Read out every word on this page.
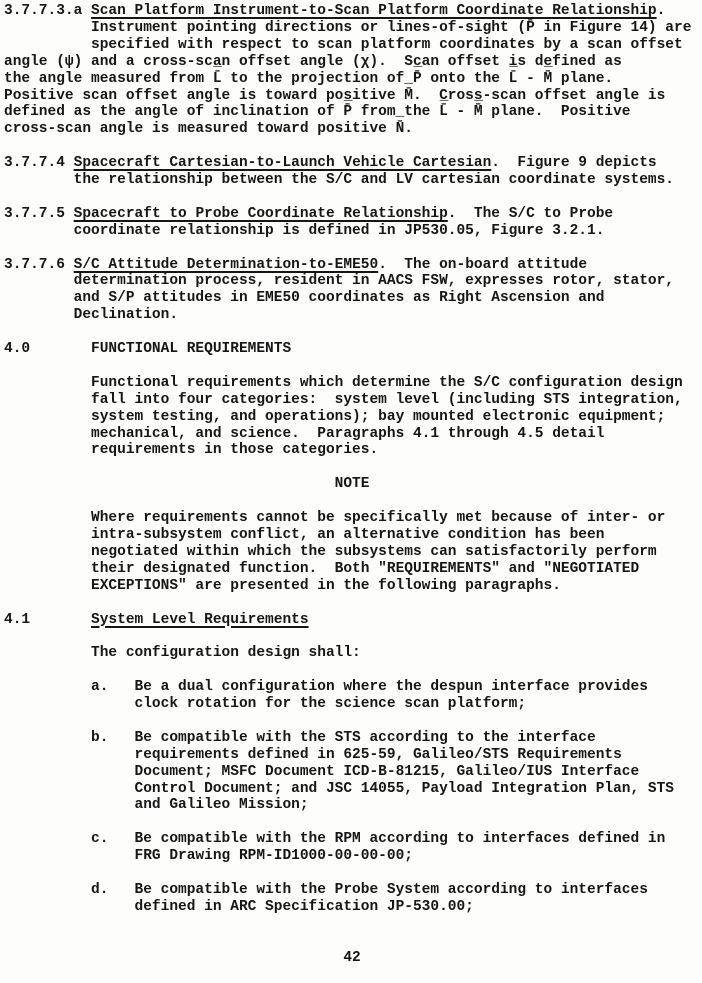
3.7.7.3.a Scan Platform Instrument-to-Scan Platform Coordinate Relationship.
Instrument pointing directions or lines-of-sight (P̄ in Figure 14) are
specified with respect to scan platform coordinates by a scan offset
angle (ψ) and a cross-sca̲n offset angle (χ).  Sc̲an offset i̲s de̲fined as
the angle measured from L̄ to the projection of_P̄ onto the L̄ - M̄ plane.
Positive scan offset angle is toward pos̲itive M̄.  C̲ross̲-scan offset angle is
defined as the angle of inclination of P̄ from_the L̄ - M̄ plane.  Positive
cross-scan angle is measured toward positive N̄.
3.7.7.4 Spacecraft Cartesian-to-Launch Vehicle Cartesian.  Figure 9 depicts
the relationship between the S/C and LV cartesian coordinate systems.
3.7.7.5 Spacecraft to Probe Coordinate Relationship.  The S/C to Probe
coordinate relationship is defined in JP530.05, Figure 3.2.1.
3.7.7.6 S/C Attitude Determination-to-EME50.  The on-board attitude
determination process, resident in AACS FSW, expresses rotor, stator,
and S/P attitudes in EME50 coordinates as Right Ascension and
Declination.
4.0       FUNCTIONAL REQUIREMENTS
Functional requirements which determine the S/C configuration design
fall into four categories:  system level (including STS integration,
system testing, and operations); bay mounted electronic equipment;
mechanical, and science.  Paragraphs 4.1 through 4.5 detail
requirements in those categories.
NOTE
Where requirements cannot be specifically met because of inter- or
intra-subsystem conflict, an alternative condition has been
negotiated within which the subsystems can satisfactorily perform
their designated function.  Both "REQUIREMENTS" and "NEGOTIATED
EXCEPTIONS" are presented in the following paragraphs.
4.1       System Level Requirements
The configuration design shall:
a.   Be a dual configuration where the despun interface provides
clock rotation for the science scan platform;
b.   Be compatible with the STS according to the interface
requirements defined in 625-59, Galileo/STS Requirements
Document; MSFC Document ICD-B-81215, Galileo/IUS Interface
Control Document; and JSC 14055, Payload Integration Plan, STS
and Galileo Mission;
c.   Be compatible with the RPM according to interfaces defined in
FRG Drawing RPM-ID1000-00-00-00;
d.   Be compatible with the Probe System according to interfaces
defined in ARC Specification JP-530.00;
42
